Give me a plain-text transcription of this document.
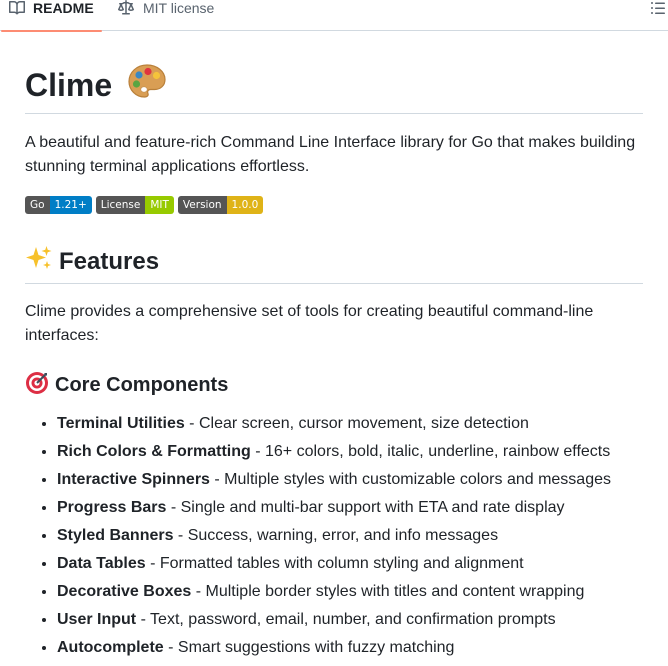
README	MIT license
Clime

A beautiful and feature-rich Command Line Interface library for Go that makes building stunning terminal applications effortless.

Go 1.21+	License MIT	Version 1.0.0
Features

Clime provides a comprehensive set of tools for creating beautiful command-line interfaces:

Core Components
• Terminal Utilities - Clear screen, cursor movement, size detection
• Rich Colors & Formatting - 16+ colors, bold, italic, underline, rainbow effects
• Interactive Spinners - Multiple styles with customizable colors and messages
• Progress Bars - Single and multi-bar support with ETA and rate display
• Styled Banners - Success, warning, error, and info messages
• Data Tables - Formatted tables with column styling and alignment
• Decorative Boxes - Multiple border styles with titles and content wrapping
• User Input - Text, password, email, number, and confirmation prompts
• Autocomplete - Smart suggestions with fuzzy matching
